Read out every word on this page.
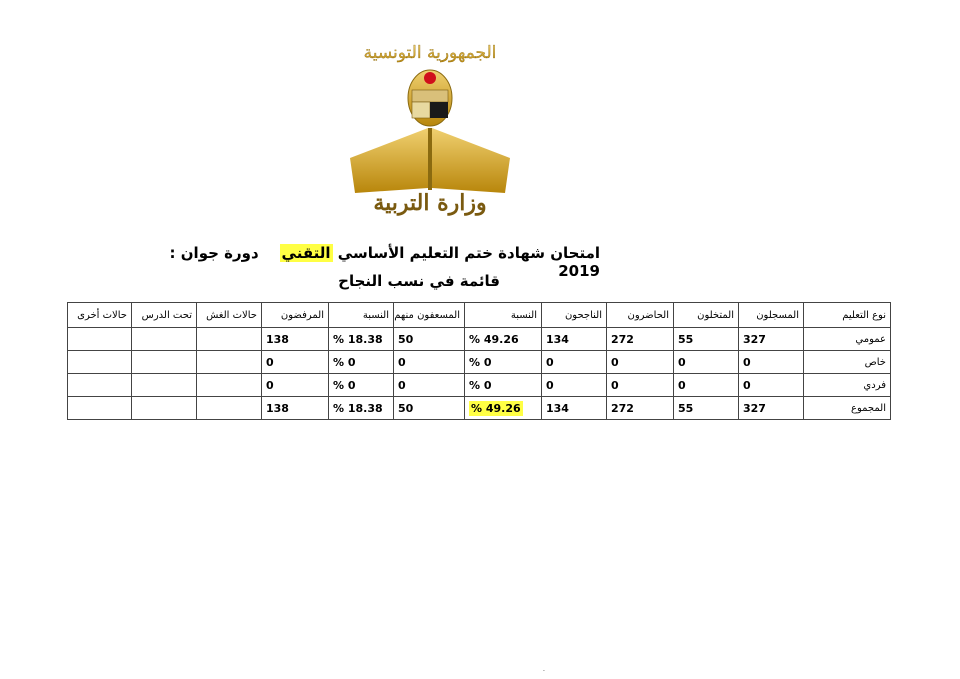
الجمهورية التونسية
وزارة التربية
امتحان شهادة ختم التعليم الأساسي التقني    دورة جوان : 2019
قائمة في نسب النجاح
نوع التعليم	المسجلون	المتخلون	الحاضرون	الناجحون	النسبة	المسعفون منهم	النسبة	المرفضون	حالات الغش	تحت الدرس	حالات أخرى
عمومي	327	55	272	134	49.26 %	50	18.38 %	138			
خاص	0	0	0	0	0 %	0	0 %	0			
فردي	0	0	0	0	0 %	0	0 %	0			
المجموع	327	55	272	134	49.26 %	50	18.38 %	138			
·
